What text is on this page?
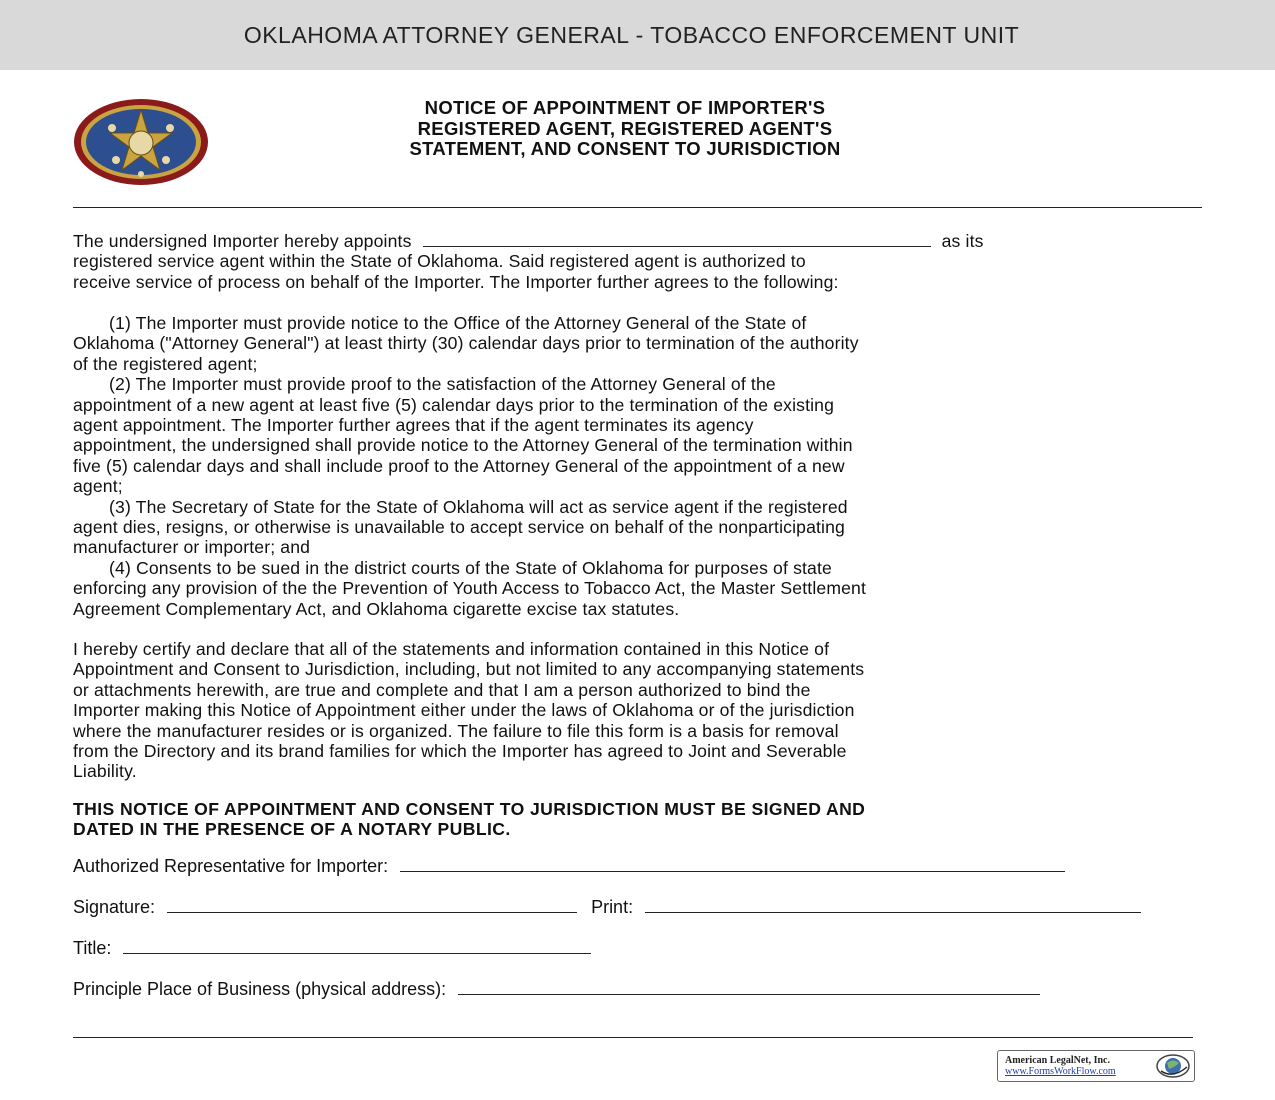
OKLAHOMA ATTORNEY GENERAL - TOBACCO ENFORCEMENT UNIT
NOTICE OF APPOINTMENT OF IMPORTER'S
REGISTERED AGENT, REGISTERED AGENT'S
STATEMENT, AND CONSENT TO JURISDICTION
The undersigned Importer hereby appoints	as its
registered service agent within the State of Oklahoma. Said registered agent is authorized to
receive service of process on behalf of the Importer. The Importer further agrees to the following:
(1) The Importer must provide notice to the Office of the Attorney General of the State of
Oklahoma ("Attorney General") at least thirty (30) calendar days prior to termination of the authority
of the registered agent;
(2) The Importer must provide proof to the satisfaction of the Attorney General of the
appointment of a new agent at least five (5) calendar days prior to the termination of the existing
agent appointment. The Importer further agrees that if the agent terminates its agency
appointment, the undersigned shall provide notice to the Attorney General of the termination within
five (5) calendar days and shall include proof to the Attorney General of the appointment of a new
agent;
(3) The Secretary of State for the State of Oklahoma will act as service agent if the registered
agent dies, resigns, or otherwise is unavailable to accept service on behalf of the nonparticipating
manufacturer or importer; and
(4) Consents to be sued in the district courts of the State of Oklahoma for purposes of state
enforcing any provision of the the Prevention of Youth Access to Tobacco Act, the Master Settlement
Agreement Complementary Act, and Oklahoma cigarette excise tax statutes.
I hereby certify and declare that all of the statements and information contained in this Notice of
Appointment and Consent to Jurisdiction, including, but not limited to any accompanying statements
or attachments herewith, are true and complete and that I am a person authorized to bind the
Importer making this Notice of Appointment either under the laws of Oklahoma or of the jurisdiction
where the manufacturer resides or is organized. The failure to file this form is a basis for removal
from the Directory and its brand families for which the Importer has agreed to Joint and Severable
Liability.
THIS NOTICE OF APPOINTMENT AND CONSENT TO JURISDICTION MUST BE SIGNED AND
DATED IN THE PRESENCE OF A NOTARY PUBLIC.
Authorized Representative for Importer:
Signature:	Print:
Title:
Principle Place of Business (physical address):
American LegalNet, Inc.
www.FormsWorkFlow.com
